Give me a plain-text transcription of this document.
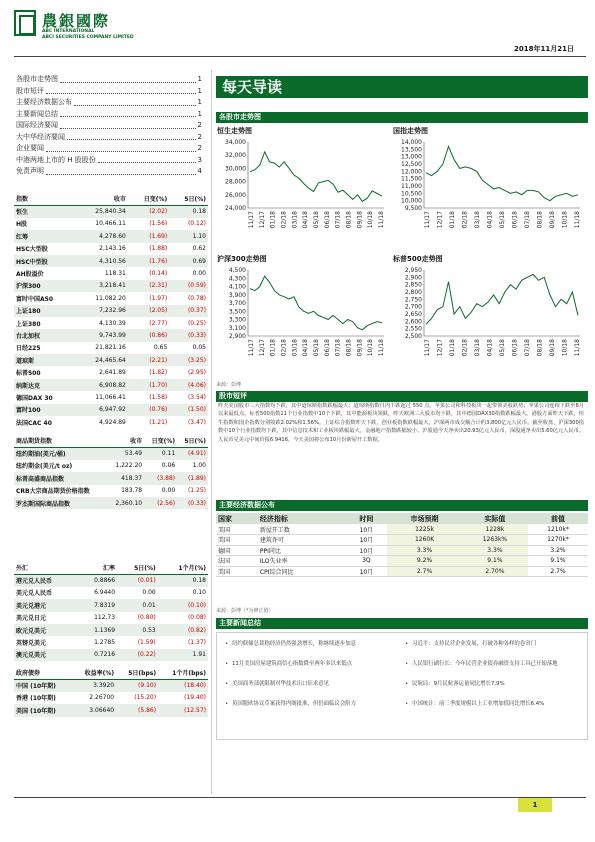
農銀國際
ABC INTERNATIONAL
ABCI SECURITIES COMPANY LIMITED
2018年11月21日
各股市走势图	1
股市短评	1
主要经济数据公布	1
主要新闻总结	1
国际经济要闻	2
大中华经济要闻	2
企业要闻	2
中港两地上市的 H 股股份	3
免责声明	4
指数	收市	日变(%)	5日(%)
恒生	25,840.34	(2.02)	0.18
H股	10,466.11	(1.56)	(0.12)
红筹	4,278.60	(1.69)	1.10
HSC大型股	2,143.16	(1.88)	0.62
HSC中型股	4,310.56	(1.76)	0.69
AH股溢价	118.31	(0.14)	0.00
沪深300	3,218.41	(2.31)	(0.59)
富时中国A50	11,082.20	(1.97)	(0.78)
上证180	7,232.96	(2.05)	(0.37)
上证380	4,130.39	(2.77)	(0.25)
台北加权	9,743.99	(0.86)	(0.33)
日经225	21,821.16	0.65	0.05
道琼斯	24,465.64	(2.21)	(3.25)
标普500	2,641.89	(1.82)	(2.95)
纳斯达克	6,908.82	(1.70)	(4.06)
德国DAX 30	11,066.41	(1.58)	(3.54)
富时100	6,947.92	(0.76)	(1.50)
法国CAC 40	4,924.89	(1.21)	(3.47)
商品期货指数	收市	日变(%)	5日(%)
纽约期油(美元/桶)	53.49	0.11	(4.91)
纽约期金(美元/t oz)	1,222.20	0.06	1.00
标普高盛商品指数	418.37	(3.88)	(1.89)
CRB大宗商品期货价格指数	183.78	0.00	(1.25)
罗杰斯国际商品指数	2,360.10	(2.56)	(0.33)
外汇	汇率	5日(%)	1个月(%)
港元兑人民币	0.8866	(0.01)	0.18
美元兑人民币	6.9440	0.00	0.10
美元兑港元	7.8319	0.01	(0.10)
美元兑日元	112.73	(0.80)	(0.08)
欧元兑美元	1.1369	0.53	(0.82)
英镑兑美元	1.2785	(1.59)	(1.37)
澳元兑美元	0.7216	(0.22)	1.91
政府债券	收益率(%)	5日(bps)	1个月(bps)
中国 (10年期)	3.3920	(9.10)	(18.40)
香港 (10年期)	2.26700	(15.20)	(19.40)
美国 (10年期)	3.06640	(5.86)	(12.57)
每天导读
各股市走势图
恒生走势图	国指走势图
沪深300走势图	标普500走势图
24,000
26,000
28,000
30,000
32,000
34,000
11/17 12/17 01/18 02/18 03/18 04/18 05/18 06/18 07/18 08/18 09/18 10/18 11/18
9,500
10,000
10,500
11,000
11,500
12,000
12,500
13,000
13,500
14,000
11/17 12/17 01/18 02/18 03/18 04/18 05/18 06/18 07/18 08/18 09/18 10/18 11/18
2,900
3,100
3,300
3,500
3,700
3,900
4,100
4,300
4,500
11/17 12/17 01/18 02/18 03/18 04/18 05/18 06/18 07/18 08/18 09/18 10/18 11/18
2,500
2,550
2,600
2,650
2,700
2,750
2,800
2,850
2,900
2,950
11/17 12/17 01/18 02/18 03/18 04/18 05/18 06/18 07/18 08/18 09/18 10/18 11/18
来源：彭博
股市短评
昨天美国股市三大指数均下跌，其中道琼斯指数跌幅最大；道琼斯指数日内下跌超过 550 点。苹果公司和科技板块一起带领美股跌势；苹果公司连续下跌至8月以来最低点。标普500指数11个行业指数中10个下跌，其中能源板块领跌。昨天欧洲三大股市均下跌，其中德国DAX30指数跌幅最大。港股方面昨天下跌，恒生指数和国企指数分别收跌2.02%和1.56%。上证综合指数昨天下跌，创业板指数跌幅最大，沪深两市成交额合计约3,800亿元人民币。截至收盘，沪深300指数中10个行业指数均下跌，其中信息技术和工业板块跌幅最大，金融地产指数跌幅较小。沪股通今天净卖出20.93亿元人民币，深股通净卖出5.60亿元人民币。人民币兑美元中间价报6.9416，今天美国将公布10月份新屋开工数据。
主要经济数据公布
国家	经济指标	时间	市场预期	实际值	前值
美国	新屋开工数	10月	1225k	1228k	1210k*
美国	建筑许可	10月	1260K	1263k%	1270k*
德国	PPI同比	10月	3.3%	3.3%	3.2%
法国	ILO失业率	3Q	9.2%	9.1%	9.1%
美国	CPI综合同比	10月	2.7%	2.70%	2.7%
来源：彭博（*为修正值）
主要新闻总结
• 纽约联储总裁称经济仍然强劲增长，称继续逐步加息
• 11月美国房屋建筑商信心指数降至两年多以来低点
• 美国商务部就限制对华技术出口征求意见
• 英国脱欧协议草案获得内阁批准，但仍面临议会阻力
• 习近平：支持民营企业发展，打破各种各样的卷帘门
• 人民银行副行长：今年民营企业债券融资支持工具已开始落地
• 民航局：9月民航客运量同比增长7.9%
• 中国统计：前三季度规模以上工业增加值同比增长6.4%
1
